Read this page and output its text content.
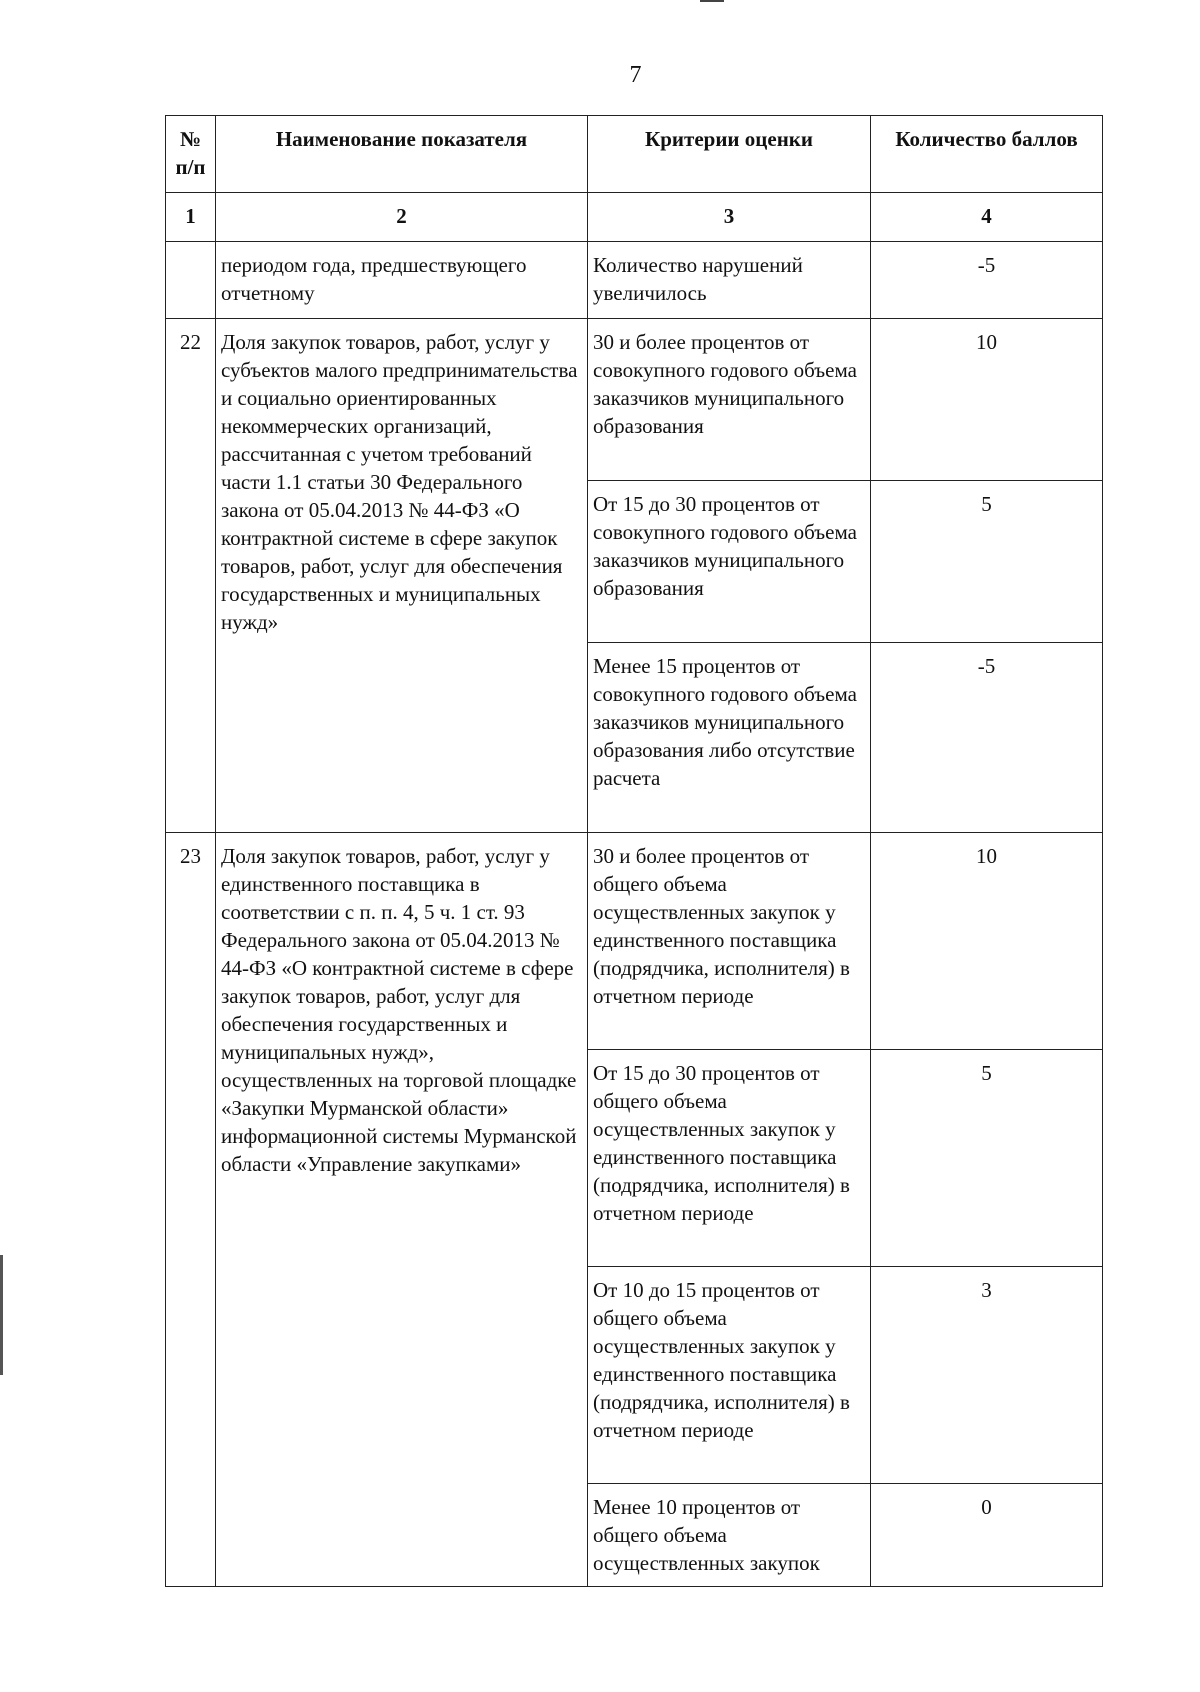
7
№ п/п	Наименование показателя	Критерии оценки	Количество баллов
1	2	3	4
	периодом года, предшествующего отчетному	Количество нарушений увеличилось	-5
22	Доля закупок товаров, работ, услуг у субъектов малого предпринимательства и социально ориентированных некоммерческих организаций, рассчитанная с учетом требований части 1.1 статьи 30 Федерального закона от 05.04.2013 № 44-ФЗ «О контрактной системе в сфере закупок товаров, работ, услуг для обеспечения государственных и муниципальных нужд»	30 и более процентов от совокупного годового объема заказчиков муниципального образования	10
		От 15 до 30 процентов от совокупного годового объема заказчиков муниципального образования	5
		Менее 15 процентов от совокупного годового объема заказчиков муниципального образования либо отсутствие расчета	-5
23	Доля закупок товаров, работ, услуг у единственного поставщика в соответствии с п. п. 4, 5 ч. 1 ст. 93 Федерального закона от 05.04.2013 № 44-ФЗ «О контрактной системе в сфере закупок товаров, работ, услуг для обеспечения государственных и муниципальных нужд», осуществленных на торговой площадке «Закупки Мурманской области» информационной системы Мурманской области «Управление закупками»	30 и более процентов от общего объема осуществленных закупок у единственного поставщика (подрядчика, исполнителя) в отчетном периоде	10
		От 15 до 30 процентов от общего объема осуществленных закупок у единственного поставщика (подрядчика, исполнителя) в отчетном периоде	5
		От 10 до 15 процентов от общего объема осуществленных закупок у единственного поставщика (подрядчика, исполнителя) в отчетном периоде	3
		Менее 10 процентов от общего объема осуществленных закупок	0
